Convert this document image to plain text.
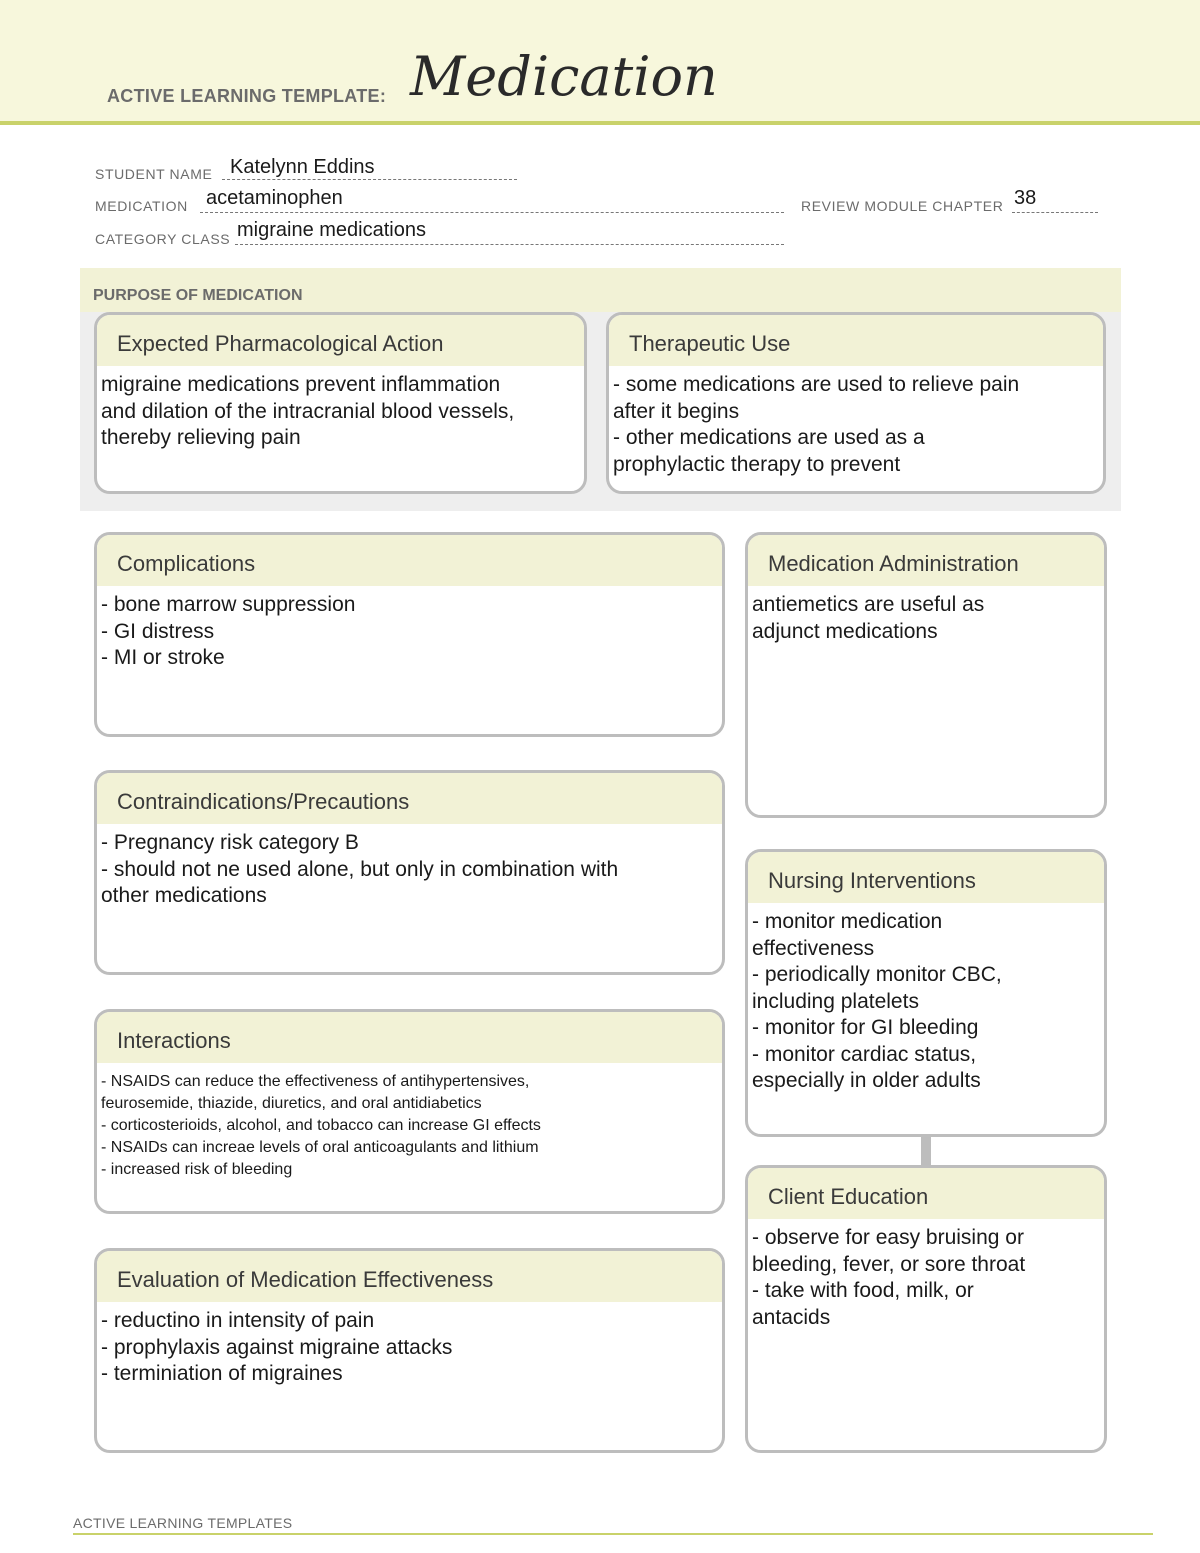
ACTIVE LEARNING TEMPLATE: Medication
STUDENT NAME Katelynn Eddins
MEDICATION acetaminophen	REVIEW MODULE CHAPTER 38
CATEGORY CLASS migraine medications
PURPOSE OF MEDICATION
Expected Pharmacological Action
migraine medications prevent inflammation
and dilation of the intracranial blood vessels,
thereby relieving pain
Therapeutic Use
- some medications are used to relieve pain
after it begins
- other medications are used as a
prophylactic therapy to prevent
Complications
- bone marrow suppression
- GI distress
- MI or stroke
Contraindications/Precautions
- Pregnancy risk category B
- should not ne used alone, but only in combination with
other medications
Interactions
- NSAIDS can reduce the effectiveness of antihypertensives,
feurosemide, thiazide, diuretics, and oral antidiabetics
- corticosterioids, alcohol, and tobacco can increase GI effects
- NSAIDs can increae levels of oral anticoagulants and lithium
- increased risk of bleeding
Evaluation of Medication Effectiveness
- reductino in intensity of pain
- prophylaxis against migraine attacks
- terminiation of migraines
Medication Administration
antiemetics are useful as
adjunct medications
Nursing Interventions
- monitor medication
effectiveness
- periodically monitor CBC,
including platelets
- monitor for GI bleeding
- monitor cardiac status,
especially in older adults
Client Education
- observe for easy bruising or
bleeding, fever, or sore throat
- take with food, milk, or
antacids
ACTIVE LEARNING TEMPLATES
